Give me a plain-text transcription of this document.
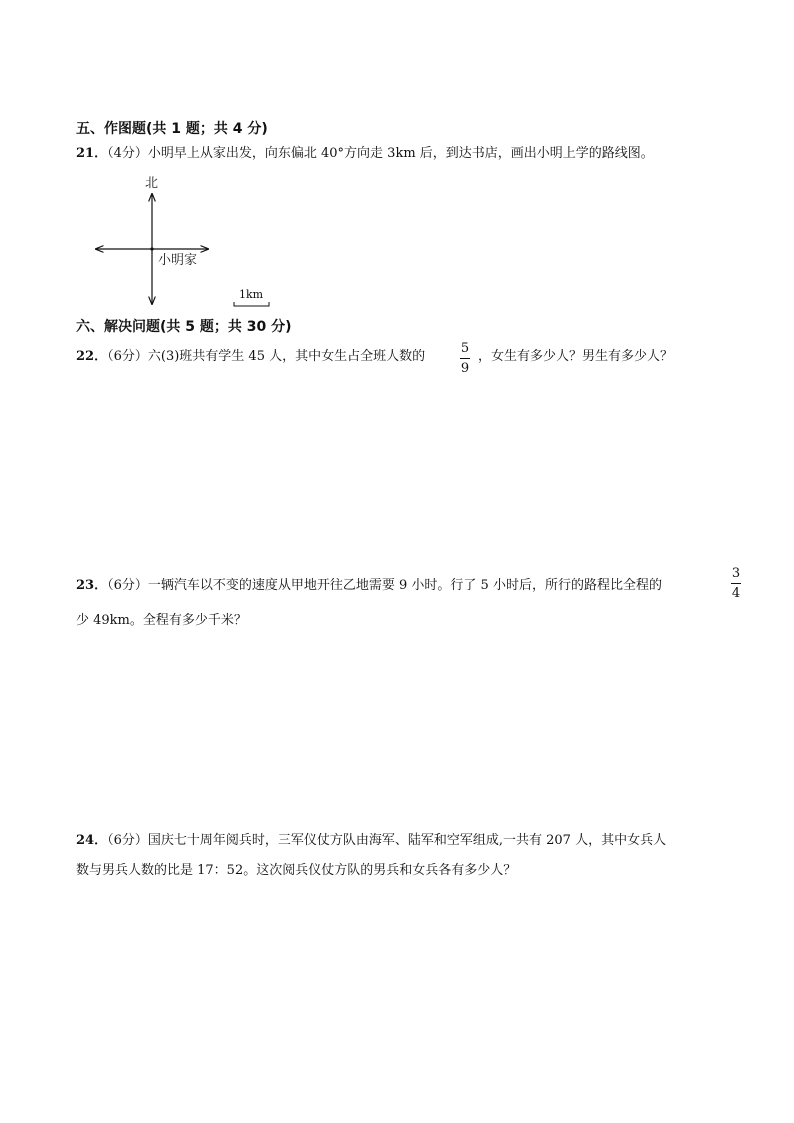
五、作图题(共 1 题；共 4 分)
21．（4分）小明早上从家出发，向东偏北 40°方向走 3km 后，到达书店，画出小明上学的路线图。
北
小明家
1km
六、解决问题(共 5 题；共 30 分)
22．（6分）六(3)班共有学生 45 人，其中女生占全班人数的
5
9
，女生有多少人？男生有多少人？
23．（6分）一辆汽车以不变的速度从甲地开往乙地需要 9 小时。行了 5 小时后，所行的路程比全程的
3
4
少 49km。全程有多少千米？
24．（6分）国庆七十周年阅兵时，三军仪仗方队由海军、陆军和空军组成,一共有 207 人，其中女兵人
数与男兵人数的比是 17：52。这次阅兵仪仗方队的男兵和女兵各有多少人？
